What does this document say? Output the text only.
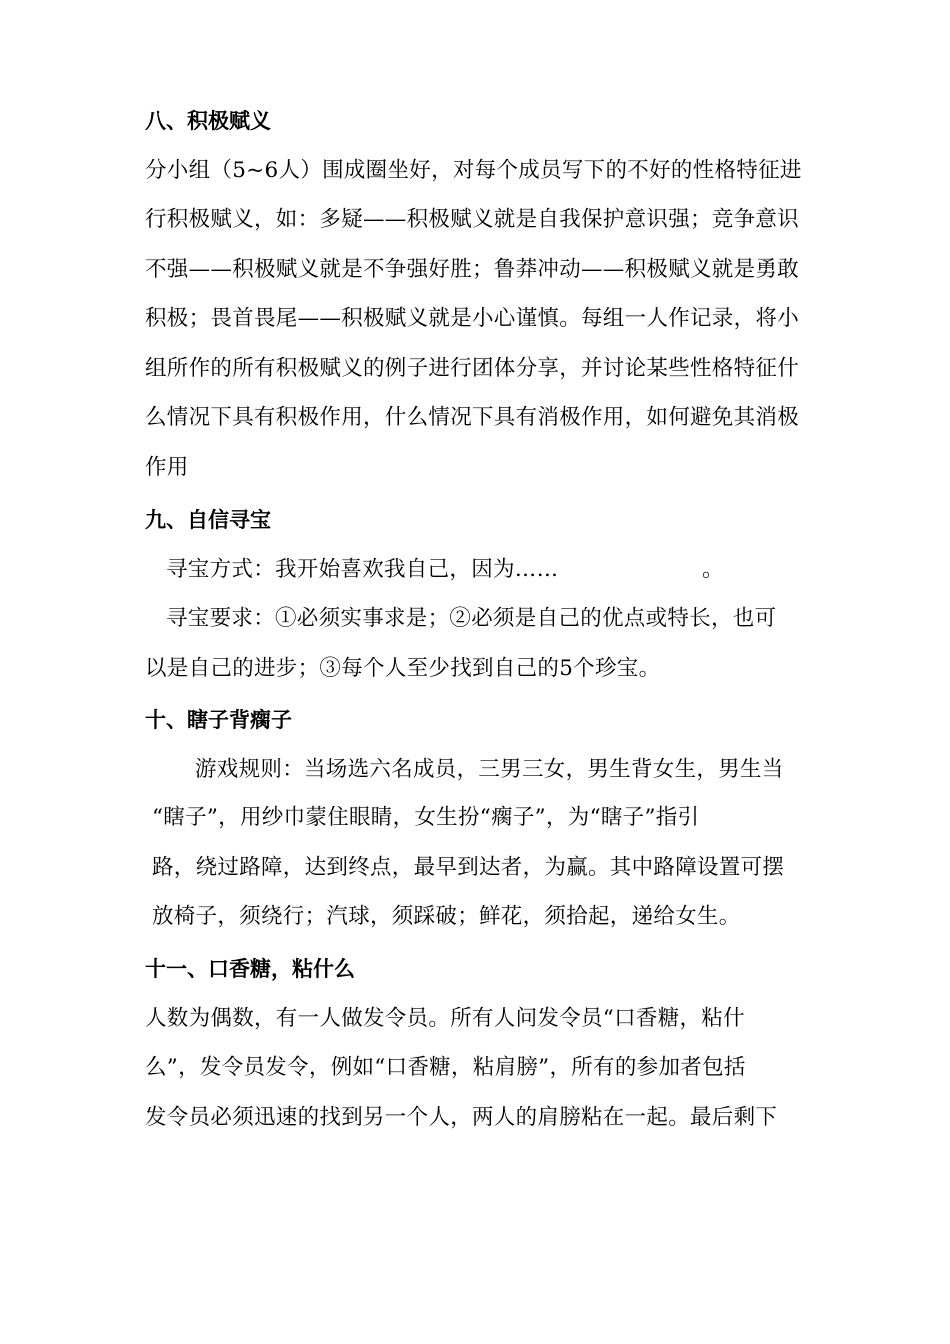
八、积极赋义
分小组（5~6人）围成圈坐好，对每个成员写下的不好的性格特征进
行积极赋义，如：多疑——积极赋义就是自我保护意识强；竞争意识
不强——积极赋义就是不争强好胜；鲁莽冲动——积极赋义就是勇敢
积极；畏首畏尾——积极赋义就是小心谨慎。每组一人作记录，将小
组所作的所有积极赋义的例子进行团体分享，并讨论某些性格特征什
么情况下具有积极作用，什么情况下具有消极作用，如何避免其消极
作用
九、自信寻宝
寻宝方式：我开始喜欢我自己，因为……	。
寻宝要求：①必须实事求是；②必须是自己的优点或特长，也可
以是自己的进步；③每个人至少找到自己的5个珍宝。
十、瞎子背瘸子
游戏规则：当场选六名成员，三男三女，男生背女生，男生当
“瞎子”，用纱巾蒙住眼睛，女生扮“瘸子”，为“瞎子”指引
路，绕过路障，达到终点，最早到达者，为赢。其中路障设置可摆
放椅子，须绕行；汽球，须踩破；鲜花，须拾起，递给女生。
十一、口香糖，粘什么
人数为偶数，有一人做发令员。所有人问发令员“口香糖，粘什
么”，发令员发令，例如“口香糖，粘肩膀”，所有的参加者包括
发令员必须迅速的找到另一个人，两人的肩膀粘在一起。最后剩下
